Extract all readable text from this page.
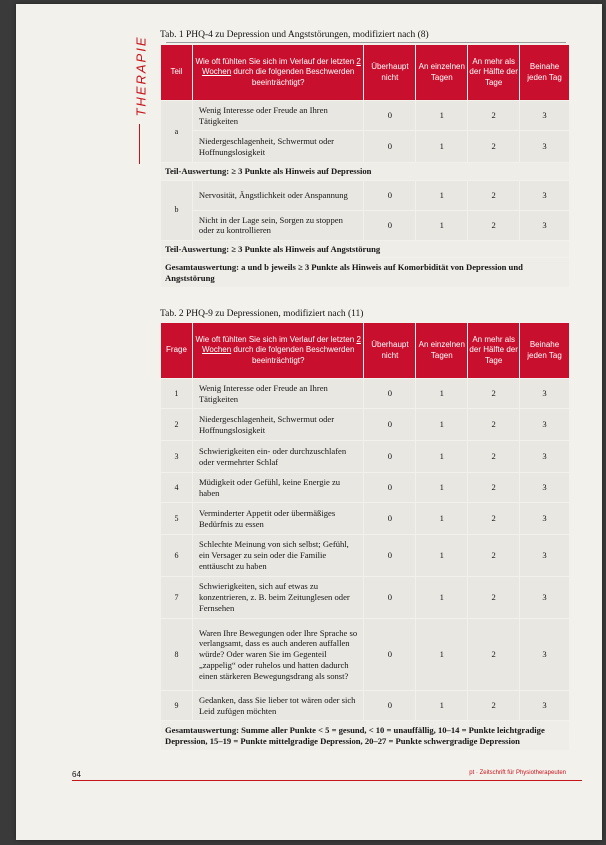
THERAPIE
Tab. 1 PHQ-4 zu Depression und Angststörungen, modifiziert nach (8)
Teil	Wie oft fühlten Sie sich im Verlauf der letzten 2 Wochen durch die folgenden Beschwerden beeinträchtigt?	Überhaupt nicht	An einzelnen Tagen	An mehr als der Hälfte der Tage	Beinahe jeden Tag
a	Wenig Interesse oder Freude an Ihren Tätigkeiten	0	1	2	3
	Niedergeschlagenheit, Schwermut oder Hoffnungslosigkeit	0	1	2	3
Teil-Auswertung: ≥ 3 Punkte als Hinweis auf Depression					
b	Nervosität, Ängstlichkeit oder Anspannung	0	1	2	3
	Nicht in der Lage sein, Sorgen zu stoppen oder zu kontrollieren	0	1	2	3
Teil-Auswertung: ≥ 3 Punkte als Hinweis auf Angststörung					
Gesamtauswertung: a und b jeweils ≥ 3 Punkte als Hinweis auf Komorbidität von Depression und Angststörung					
Tab. 2 PHQ-9 zu Depressionen, modifiziert nach (11)
Frage	Wie oft fühlten Sie sich im Verlauf der letzten 2 Wochen durch die folgenden Beschwerden beeinträchtigt?	Überhaupt nicht	An einzelnen Tagen	An mehr als der Hälfte der Tage	Beinahe jeden Tag
1	Wenig Interesse oder Freude an Ihren Tätigkeiten	0	1	2	3
2	Niedergeschlagenheit, Schwermut oder Hoffnungslosigkeit	0	1	2	3
3	Schwierigkeiten ein- oder durchzuschlafen oder vermehrter Schlaf	0	1	2	3
4	Müdigkeit oder Gefühl, keine Energie zu haben	0	1	2	3
5	Verminderter Appetit oder übermäßiges Bedürfnis zu essen	0	1	2	3
6	Schlechte Meinung von sich selbst; Gefühl, ein Versager zu sein oder die Familie enttäuscht zu haben	0	1	2	3
7	Schwierigkeiten, sich auf etwas zu konzentrieren, z. B. beim Zeitunglesen oder Fernsehen	0	1	2	3
8	Waren Ihre Bewegungen oder Ihre Sprache so verlangsamt, dass es auch anderen auffallen würde? Oder waren Sie im Gegenteil „zappelig“ oder ruhelos und hatten dadurch einen stärkeren Bewegungsdrang als sonst?	0	1	2	3
9	Gedanken, dass Sie lieber tot wären oder sich Leid zufügen möchten	0	1	2	3
Gesamtauswertung: Summe aller Punkte < 5 = gesund, < 10 = unauffällig, 10–14 = Punkte leichtgradige Depression, 15–19 = Punkte mittelgradige Depression, 20–27 = Punkte schwergradige Depression					
64	pt · Zeitschrift für Physiotherapeuten
